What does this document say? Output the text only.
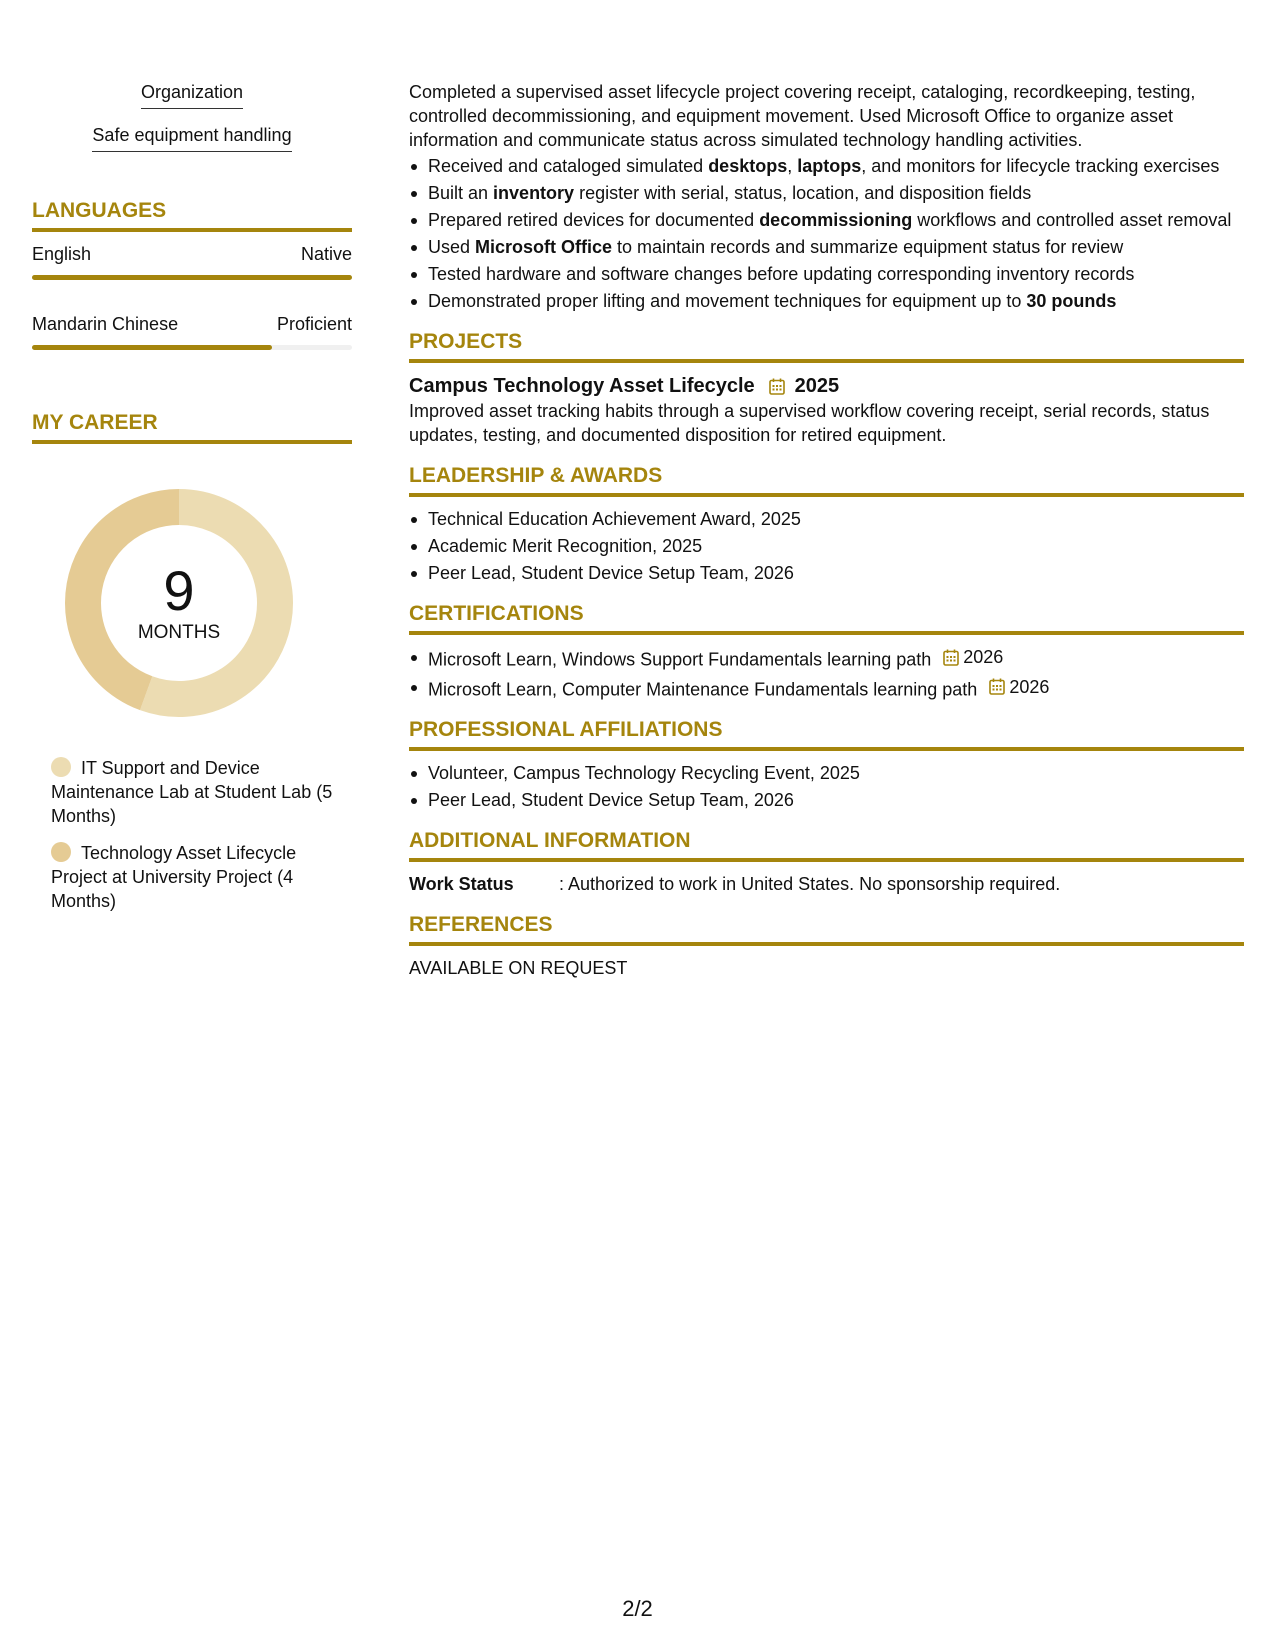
Organization
Safe equipment handling
LANGUAGES
English	Native
Mandarin Chinese	Proficient
MY CAREER
9
MONTHS
IT Support and Device Maintenance Lab at Student Lab (5 Months)
Technology Asset Lifecycle Project at University Project (4 Months)

Completed a supervised asset lifecycle project covering receipt, cataloging, recordkeeping, testing, controlled decommissioning, and equipment movement. Used Microsoft Office to organize asset information and communicate status across simulated technology handling activities.

Received and cataloged simulated desktops, laptops, and monitors for lifecycle tracking exercises
Built an inventory register with serial, status, location, and disposition fields
Prepared retired devices for documented decommissioning workflows and controlled asset removal
Used Microsoft Office to maintain records and summarize equipment status for review
Tested hardware and software changes before updating corresponding inventory records
Demonstrated proper lifting and movement techniques for equipment up to 30 pounds
PROJECTS
Campus Technology Asset Lifecycle 2025

Improved asset tracking habits through a supervised workflow covering receipt, serial records, status updates, testing, and documented disposition for retired equipment.

LEADERSHIP & AWARDS
Technical Education Achievement Award, 2025
Academic Merit Recognition, 2025
Peer Lead, Student Device Setup Team, 2026
CERTIFICATIONS
Microsoft Learn, Windows Support Fundamentals learning path 2026
Microsoft Learn, Computer Maintenance Fundamentals learning path 2026
PROFESSIONAL AFFILIATIONS
Volunteer, Campus Technology Recycling Event, 2025
Peer Lead, Student Device Setup Team, 2026
ADDITIONAL INFORMATION
Work Status	: Authorized to work in United States. No sponsorship required.
REFERENCES

AVAILABLE ON REQUEST

2/2
